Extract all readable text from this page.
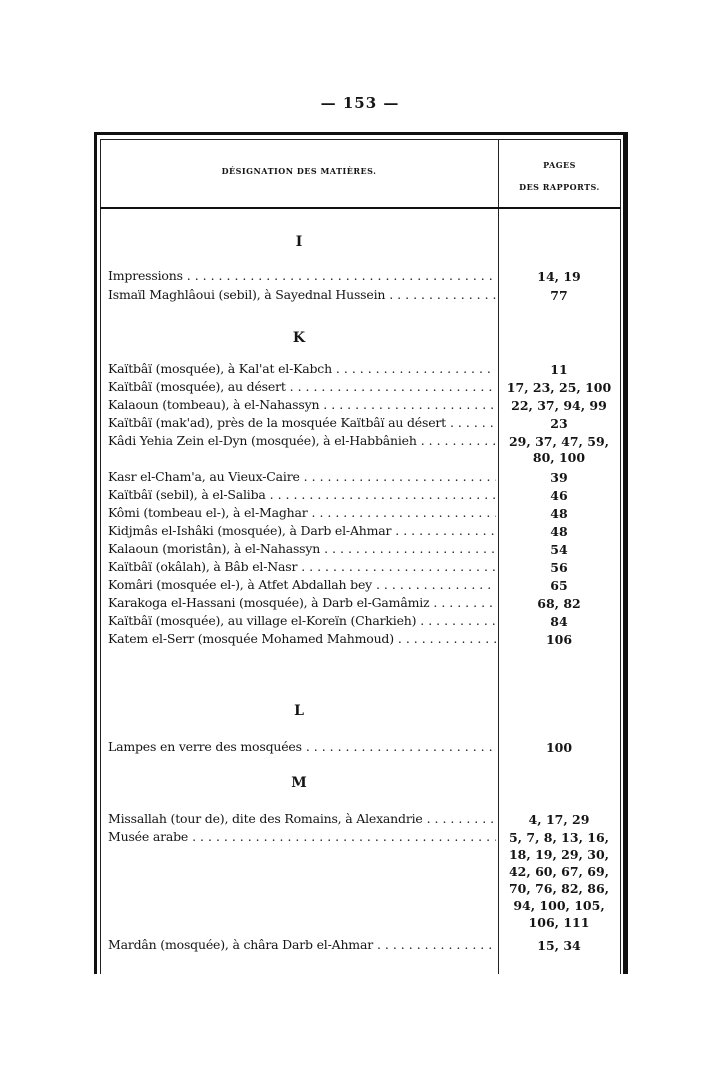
— 153 —
DÉSIGNATION DES MATIÈRES.
PAGES
DES RAPPORTS.
I
Impressions . . .	14, 19
Ismaïl Maghlâoui (sebil), à Sayednal Hussein . . .	77
K
Kaïtbâï (mosquée), à Kal'at el-Kabch . . .	11
Kaïtbâï (mosquée), au désert . . .	17, 23, 25, 100
Kalaoun (tombeau), à el-Nahassyn . . .	22, 37, 94, 99
Kaïtbâï (mak'ad), près de la mosquée Kaïtbâï au désert . . .	23
Kâdi Yehia Zein el-Dyn (mosquée), à el-Habbânieh . . .	29, 37, 47, 59,
80, 100
Kasr el-Cham'a, au Vieux-Caire . . .	39
Kaïtbâï (sebil), à el-Saliba . . .	46
Kômi (tombeau el-), à el-Maghar . . .	48
Kidjmâs el-Ishâki (mosquée), à Darb el-Ahmar . . .	48
Kalaoun (moristân), à el-Nahassyn . . .	54
Kaïtbâï (okâlah), à Bâb el-Nasr . . .	56
Komâri (mosquée el-), à Atfet Abdallah bey . . .	65
Karakoga el-Hassani (mosquée), à Darb el-Gamâmiz . . .	68, 82
Kaïtbâï (mosquée), au village el-Koreïn (Charkieh) . . .	84
Katem el-Serr (mosquée Mohamed Mahmoud) . . .	106
L
Lampes en verre des mosquées . . .	100
M
Missallah (tour de), dite des Romains, à Alexandrie . . .	4, 17, 29
Musée arabe . . .	5, 7, 8, 13, 16,
18, 19, 29, 30,
42, 60, 67, 69,
70, 76, 82, 86,
94, 100, 105,
106, 111
Mardân (mosquée), à châra Darb el-Ahmar . . .	15, 34
